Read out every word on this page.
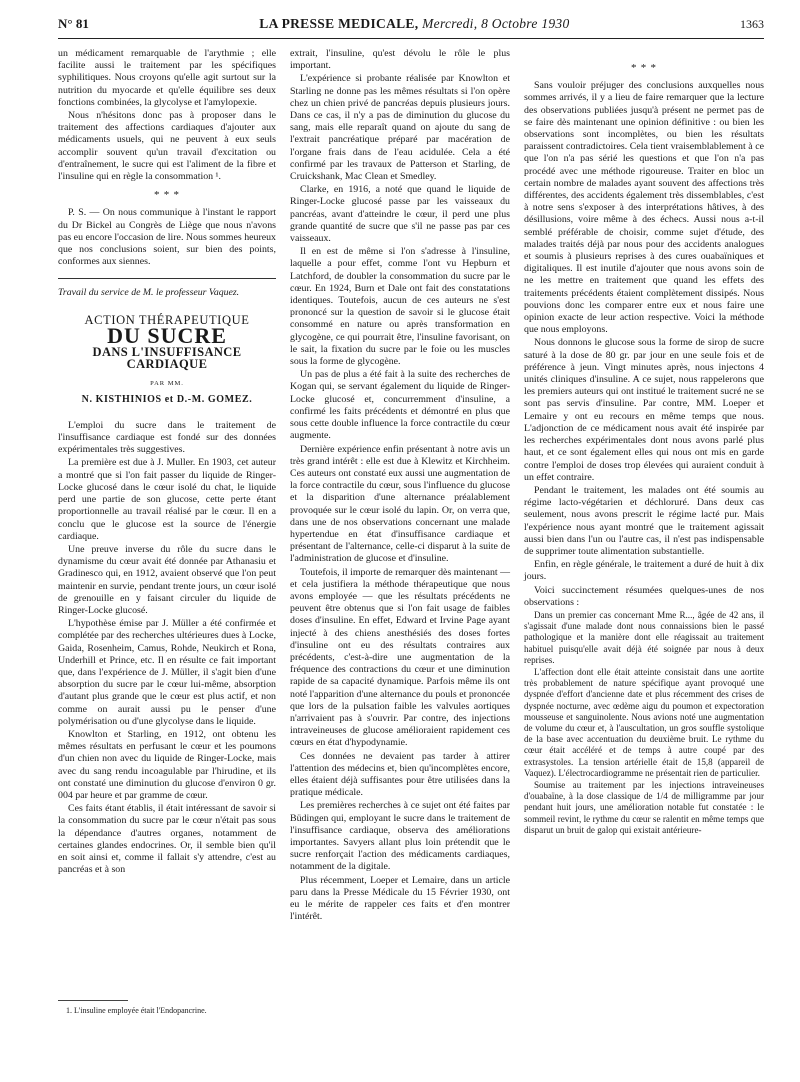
N° 81	LA PRESSE MEDICALE, Mercredi, 8 Octobre 1930	1363

un médicament remarquable de l'arythmie ; elle facilite aussi le traitement par les spécifiques syphilitiques. Nous croyons qu'elle agit surtout sur la nutrition du myocarde et qu'elle équilibre ses deux fonctions combinées, la glycolyse et l'amylopexie.

Nous n'hésitons donc pas à proposer dans le traitement des affections cardiaques d'ajouter aux médicaments usuels, qui ne peuvent à eux seuls accomplir souvent qu'un travail d'excitation ou d'entraînement, le sucre qui est l'aliment de la fibre et l'insuline qui en règle la consommation ¹.

* * *

P. S. — On nous communique à l'instant le rapport du Dr Bickel au Congrès de Liège que nous n'avons pas eu encore l'occasion de lire. Nous sommes heureux que nos conclusions soient, sur bien des points, conformes aux siennes.

Travail du service de M. le professeur Vaquez.

ACTION THÉRAPEUTIQUE
DU SUCRE
DANS L'INSUFFISANCE CARDIAQUE
PAR MM.
N. KISTHINIOS et D.-M. GOMEZ.

L'emploi du sucre dans le traitement de l'insuffisance cardiaque est fondé sur des données expérimentales très suggestives.

La première est due à J. Muller. En 1903, cet auteur a montré que si l'on fait passer du liquide de Ringer-Locke glucosé dans le cœur isolé du chat, le liquide perd une partie de son glucose, cette perte étant proportionnelle au travail réalisé par le cœur. Il en a conclu que le glucose est la source de l'énergie cardiaque.

Une preuve inverse du rôle du sucre dans le dynamisme du cœur avait été donnée par Athanasiu et Gradinesco qui, en 1912, avaient observé que l'on peut maintenir en survie, pendant trente jours, un cœur isolé de grenouille en y faisant circuler du liquide de Ringer-Locke glucosé.

L'hypothèse émise par J. Müller a été confirmée et complétée par des recherches ultérieures dues à Locke, Gaida, Rosenheim, Camus, Rohde, Neukirch et Rona, Underhill et Prince, etc. Il en résulte ce fait important que, dans l'expérience de J. Müller, il s'agit bien d'une absorption du sucre par le cœur lui-même, absorption d'autant plus grande que le cœur est plus actif, et non comme on aurait aussi pu le penser d'une polymérisation ou d'une glycolyse dans le liquide.

Knowlton et Starling, en 1912, ont obtenu les mêmes résultats en perfusant le cœur et les poumons d'un chien non avec du liquide de Ringer-Locke, mais avec du sang rendu incoagulable par l'hirudine, et ils ont constaté une diminution du glucose d'environ 0 gr. 004 par heure et par gramme de cœur.

Ces faits étant établis, il était intéressant de savoir si la consommation du sucre par le cœur n'était pas sous la dépendance d'autres organes, notamment de certaines glandes endocrines. Or, il semble bien qu'il en soit ainsi et, comme il fallait s'y attendre, c'est au pancréas et à son

1. L'insuline employée était l'Endopancrine.

extrait, l'insuline, qu'est dévolu le rôle le plus important.

L'expérience si probante réalisée par Knowlton et Starling ne donne pas les mêmes résultats si l'on opère chez un chien privé de pancréas depuis plusieurs jours. Dans ce cas, il n'y a pas de diminution du glucose du sang, mais elle reparaît quand on ajoute du sang de l'extrait pancréatique préparé par macération de l'organe frais dans de l'eau acidulée. Cela a été confirmé par les travaux de Patterson et Starling, de Cruickshank, Mac Clean et Smedley.

Clarke, en 1916, a noté que quand le liquide de Ringer-Locke glucosé passe par les vaisseaux du pancréas, avant d'atteindre le cœur, il perd une plus grande quantité de sucre que s'il ne passe pas par ces vaisseaux.

Il en est de même si l'on s'adresse à l'insuline, laquelle a pour effet, comme l'ont vu Hepburn et Latchford, de doubler la consommation du sucre par le cœur. En 1924, Burn et Dale ont fait des constatations identiques. Toutefois, aucun de ces auteurs ne s'est prononcé sur la question de savoir si le glucose était consommé en nature ou après transformation en glycogène, ce qui pourrait être, l'insuline favorisant, on le sait, la fixation du sucre par le foie ou les muscles sous la forme de glycogène.

Un pas de plus a été fait à la suite des recherches de Kogan qui, se servant également du liquide de Ringer-Locke glucosé et, concurremment d'insuline, a confirmé les faits précédents et démontré en plus que sous cette double influence la force contractile du cœur augmente.

Dernière expérience enfin présentant à notre avis un très grand intérêt : elle est due à Klewitz et Kirchheim. Ces auteurs ont constaté eux aussi une augmentation de la force contractile du cœur, sous l'influence du glucose et la disparition d'une alternance préalablement provoquée sur le cœur isolé du lapin. Or, on verra que, dans une de nos observations concernant une malade hypertendue en état d'insuffisance cardiaque et présentant de l'alternance, celle-ci disparut à la suite de l'administration de glucose et d'insuline.

Toutefois, il importe de remarquer dès maintenant — et cela justifiera la méthode thérapeutique que nous avons employée — que les résultats précédents ne peuvent être obtenus que si l'on fait usage de faibles doses d'insuline. En effet, Edward et Irvine Page ayant injecté à des chiens anesthésiés des doses fortes d'insuline ont eu des résultats contraires aux précédents, c'est-à-dire une augmentation de la fréquence des contractions du cœur et une diminution rapide de sa capacité dynamique. Parfois même ils ont noté l'apparition d'une alternance du pouls et prononcée que lors de la pulsation faible les valvules aortiques n'arrivaient pas à s'ouvrir. Par contre, des injections intraveineuses de glucose amélioraient rapidement ces cœurs en état d'hypodynamie.

Ces données ne devaient pas tarder à attirer l'attention des médecins et, bien qu'incomplètes encore, elles étaient déjà suffisantes pour être utilisées dans la pratique médicale.

Les premières recherches à ce sujet ont été faites par Büdingen qui, employant le sucre dans le traitement de l'insuffisance cardiaque, observa des améliorations importantes. Savyers allant plus loin prétendit que le sucre renforçait l'action des médicaments cardiaques, notamment de la digitale.

Plus récemment, Loeper et Lemaire, dans un article paru dans la Presse Médicale du 15 Février 1930, ont eu le mérite de rappeler ces faits et d'en montrer l'intérêt.

* * *

Sans vouloir préjuger des conclusions auxquelles nous sommes arrivés, il y a lieu de faire remarquer que la lecture des observations publiées jusqu'à présent ne permet pas de se faire dès maintenant une opinion définitive : ou bien les observations sont incomplètes, ou bien les résultats paraissent contradictoires. Cela tient vraisemblablement à ce que l'on n'a pas sérié les questions et que l'on n'a pas procédé avec une méthode rigoureuse. Traiter en bloc un certain nombre de malades ayant souvent des affections très différentes, des accidents également très dissemblables, c'est à notre sens s'exposer à des interprétations hâtives, à des désillusions, voire même à des échecs. Aussi nous a-t-il semblé préférable de choisir, comme sujet d'étude, des malades traités déjà par nous pour des accidents analogues et soumis à plusieurs reprises à des cures ouabaïniques et digitaliques. Il est inutile d'ajouter que nous avons soin de ne les mettre en traitement que quand les effets des traitements précédents étaient complètement dissipés. Nous pouvions donc les comparer entre eux et nous faire une opinion exacte de leur action respective. Voici la méthode que nous employons.

Nous donnons le glucose sous la forme de sirop de sucre saturé à la dose de 80 gr. par jour en une seule fois et de préférence à jeun. Vingt minutes après, nous injectons 4 unités cliniques d'insuline. A ce sujet, nous rappelerons que les premiers auteurs qui ont institué le traitement sucré ne se sont pas servis d'insuline. Par contre, MM. Loeper et Lemaire y ont eu recours en même temps que nous. L'adjonction de ce médicament nous avait été inspirée par les recherches expérimentales dont nous avons parlé plus haut, et ce sont également elles qui nous ont mis en garde contre l'emploi de doses trop élevées qui auraient conduit à un effet contraire.

Pendant le traitement, les malades ont été soumis au régime lacto-végétarien et déchloruré. Dans deux cas seulement, nous avons prescrit le régime lacté pur. Mais l'expérience nous ayant montré que le traitement agissait aussi bien dans l'un ou l'autre cas, il n'est pas indispensable de supprimer toute alimentation substantielle.

Enfin, en règle générale, le traitement a duré de huit à dix jours.

Voici succinctement résumées quelques-unes de nos observations :

Dans un premier cas concernant Mme R..., âgée de 42 ans, il s'agissait d'une malade dont nous connaissions bien le passé pathologique et la manière dont elle réagissait au traitement habituel puisqu'elle avait déjà été soignée par nous à deux reprises.

L'affection dont elle était atteinte consistait dans une aortite très probablement de nature spécifique ayant provoqué une dyspnée d'effort d'ancienne date et plus récemment des crises de dyspnée nocturne, avec œdème aigu du poumon et expectoration mousseuse et sanguinolente. Nous avions noté une augmentation de volume du cœur et, à l'auscultation, un gros souffle systolique de la base avec accentuation du deuxième bruit. Le rythme du cœur était accéléré et de temps à autre coupé par des extrasystoles. La tension artérielle était de 15,8 (appareil de Vaquez). L'électrocardiogramme ne présentait rien de particulier.

Soumise au traitement par les injections intraveineuses d'ouabaïne, à la dose classique de 1/4 de milligramme par jour pendant huit jours, une amélioration notable fut constatée : le sommeil revint, le rythme du cœur se ralentit en même temps que disparut un bruit de galop qui existait antérieure-
